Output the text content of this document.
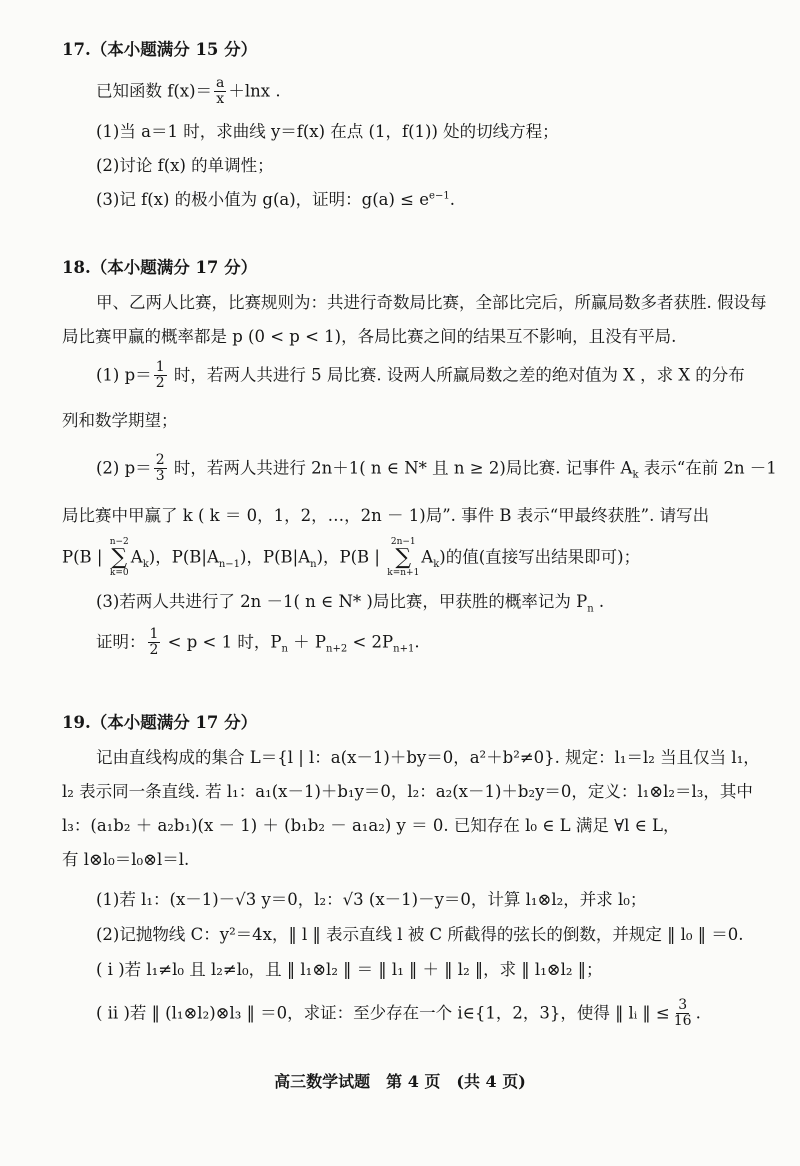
17.（本小题满分 15 分）
已知函数 $f(x)= \frac{a}{x} +\ln x$ .
(1)当 a＝1 时，求曲线 y＝f(x) 在点 (1，f(1)) 处的切线方程；
(2)讨论 f(x) 的单调性；
(3)记 f(x) 的极小值为 g(a)，证明：$g(a) \le e^{e-1}$.
18.（本小题满分 17 分）
甲、乙两人比赛，比赛规则为：共进行奇数局比赛，全部比完后，所赢局数多者获胜. 假设每
局比赛甲赢的概率都是 p (0 < p < 1)，各局比赛之间的结果互不影响，且没有平局.
(1) $p= \frac{1}{2}$ 时，若两人共进行 5 局比赛. 设两人所赢局数之差的绝对值为 X ，求 X 的分布
列和数学期望；
(2) $p= \frac{2}{3}$ 时，若两人共进行 2n＋1( n ∈ N* 且 n ≥ 2)局比赛. 记事件 $A_k$ 表示“在前 2n －1
局比赛中甲赢了 k ( k ＝ 0，1，2，…，2n － 1)局”. 事件 B 表示“甲最终获胜”. 请写出
P(B |
n−2
∑
k=0
$A_k$)，$P(B|A_{n-1})$，$P(B|A_n)$，P(B |
2n−1
∑
k=n+1
$A_k$)的值(直接写出结果即可)；
(3)若两人共进行了 2n －1( n ∈ N* )局比赛，甲获胜的概率记为 $P_n$ .
证明： $\frac{1}{2} < p < 1$ 时，$P_n + P_{n+2} < 2P_{n+1}$.
19.（本小题满分 17 分）
记由直线构成的集合 L＝{l | l：a(x－1)＋by＝0，a²＋b²≠0}. 规定：l₁＝l₂ 当且仅当 l₁，
l₂ 表示同一条直线. 若 l₁：a₁(x－1)＋b₁y＝0，l₂：a₂(x－1)＋b₂y＝0，定义：l₁⊗l₂＝l₃，其中
l₃：(a₁b₂ ＋ a₂b₁)(x － 1) ＋ (b₁b₂ － a₁a₂) y ＝ 0. 已知存在 l₀ ∈ L 满足 ∀l ∈ L，
有 l⊗l₀＝l₀⊗l＝l.
(1)若 l₁：(x－1)－√3 y＝0，l₂：√3 (x－1)－y＝0，计算 l₁⊗l₂，并求 l₀；
(2)记抛物线 C：y²＝4x，‖ l ‖ 表示直线 l 被 C 所截得的弦长的倒数，并规定 ‖ l₀ ‖ ＝0.
( ⅰ )若 l₁≠l₀ 且 l₂≠l₀，且 ‖ l₁⊗l₂ ‖ ＝ ‖ l₁ ‖ ＋ ‖ l₂ ‖，求 ‖ l₁⊗l₂ ‖；
( ⅱ )若 ‖ (l₁⊗l₂)⊗l₃ ‖ ＝0，求证：至少存在一个 i∈{1，2，3}，使得 ‖ lᵢ ‖ ≤ $\frac{3}{16}$ .
高三数学试题　第 4 页　(共 4 页)
